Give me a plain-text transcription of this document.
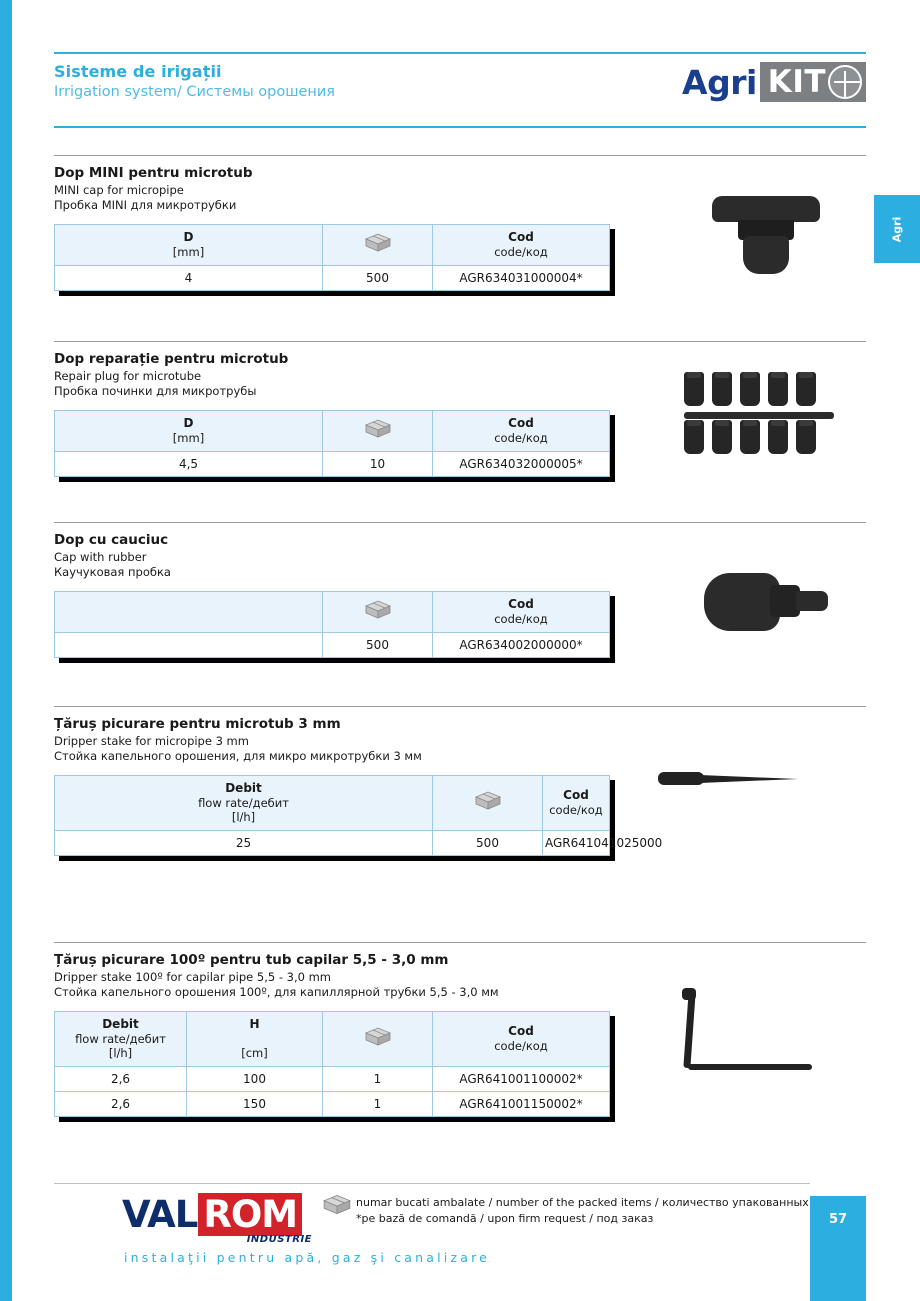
Sisteme de irigații
Irrigation system/ Системы орошения	Agri KIT
Agri
Dop MINI pentru microtub
MINI cap for micropipe
Пробка MINI для микротрубки
D
[mm]		Cod
code/код

4	500	AGR634031000004*
Dop reparație pentru microtub
Repair plug for microtube
Пробка починки для микротрубы
D
[mm]		Cod
code/код

4,5	10	AGR634032000005*
Dop cu cauciuc
Cap with rubber
Каучуковая пробка

		Cod
code/код

	500	AGR634002000000*
Țăruș picurare pentru microtub 3 mm
Dripper stake for micropipe 3 mm
Стойка капельного орошения, для микро микротрубки 3 мм
Debit
flow rate/дебит
[l/h]		Cod
code/код

25	500	AGR641041025000
Țăruș picurare 100º pentru tub capilar 5,5 - 3,0 mm
Dripper stake 100º for capilar pipe 5,5 - 3,0 mm
Стойка капельного орошения 100º, для капиллярной трубки 5,5 - 3,0 мм
Debit
flow rate/дебит
[l/h]	H

[cm]		Cod
code/код

2,6	100	1	AGR641001100002*
2,6	150	1	AGR641001150002*
VAL ROM
INDUSTRIE
instalaţii pentru apă, gaz şi canalizare
numar bucati ambalate / number of the packed items / количество упакованных
*pe bază de comandă / upon firm request / под заказ	57
